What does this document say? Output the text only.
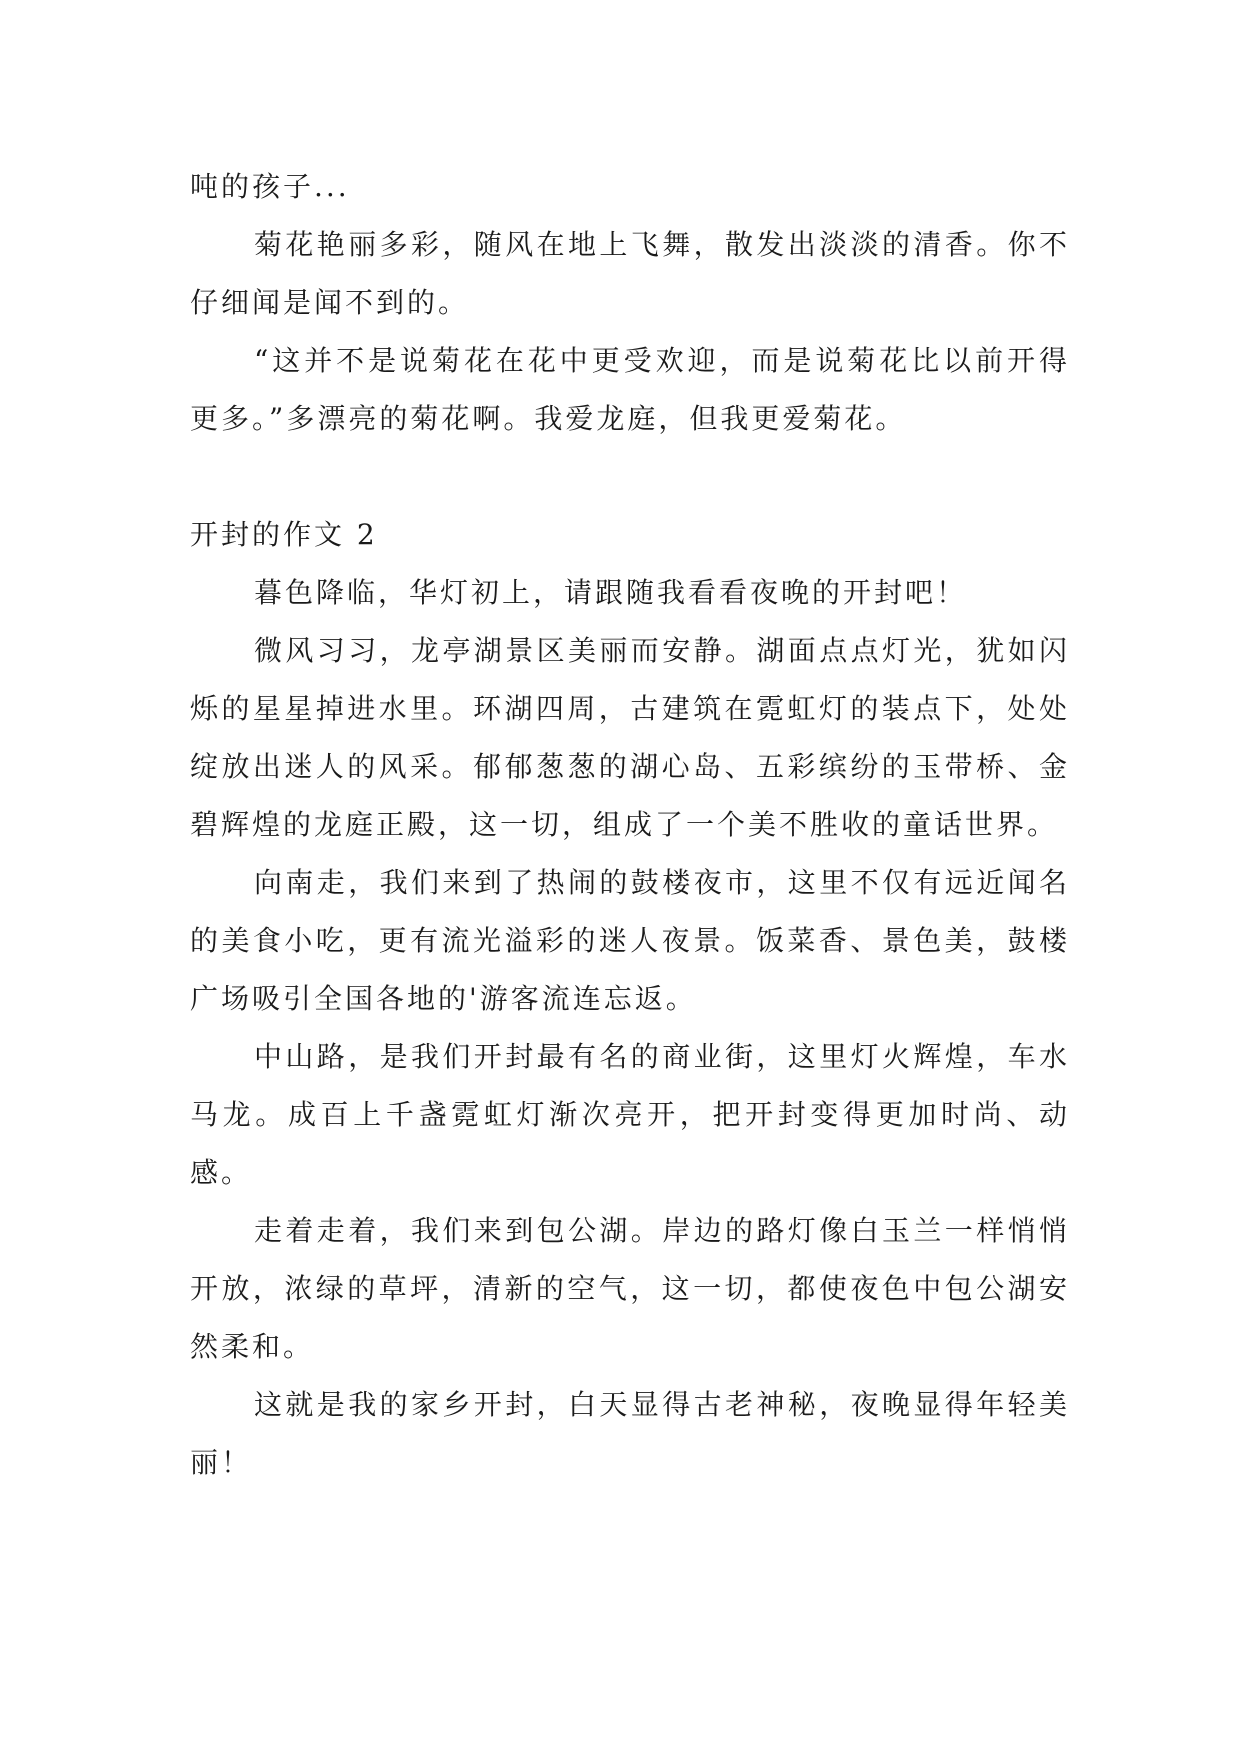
吨的孩子...

菊花艳丽多彩，随风在地上飞舞，散发出淡淡的清香。你不仔细闻是闻不到的。

“这并不是说菊花在花中更受欢迎，而是说菊花比以前开得更多。”多漂亮的菊花啊。我爱龙庭，但我更爱菊花。

开封的作文 2

暮色降临，华灯初上，请跟随我看看夜晚的开封吧！

微风习习，龙亭湖景区美丽而安静。湖面点点灯光，犹如闪烁的星星掉进水里。环湖四周，古建筑在霓虹灯的装点下，处处绽放出迷人的风采。郁郁葱葱的湖心岛、五彩缤纷的玉带桥、金碧辉煌的龙庭正殿，这一切，组成了一个美不胜收的童话世界。

向南走，我们来到了热闹的鼓楼夜市，这里不仅有远近闻名的美食小吃，更有流光溢彩的迷人夜景。饭菜香、景色美，鼓楼广场吸引全国各地的'游客流连忘返。

中山路，是我们开封最有名的商业街，这里灯火辉煌，车水马龙。成百上千盏霓虹灯渐次亮开，把开封变得更加时尚、动感。

走着走着，我们来到包公湖。岸边的路灯像白玉兰一样悄悄开放，浓绿的草坪，清新的空气，这一切，都使夜色中包公湖安然柔和。

这就是我的家乡开封，白天显得古老神秘，夜晚显得年轻美丽！
